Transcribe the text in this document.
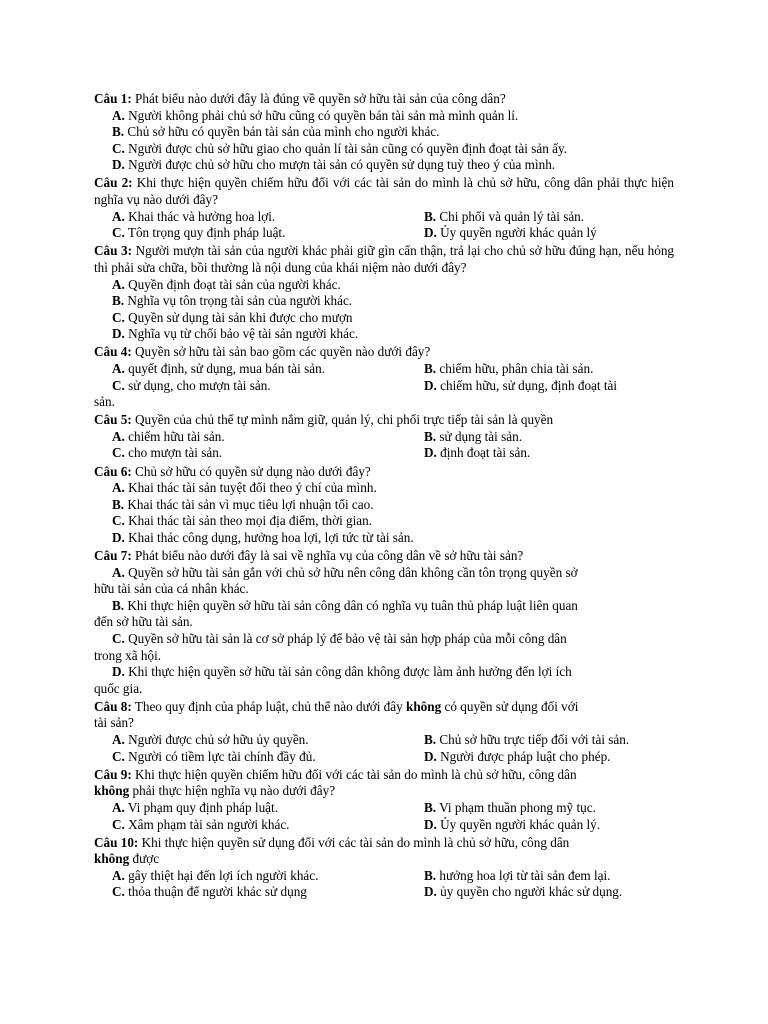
Câu 1: Phát biểu nào dưới đây là đúng về quyền sở hữu tài sản của công dân?
A. Người không phải chủ sở hữu cũng có quyền bán tài sản mà mình quản lí.
B. Chủ sở hữu có quyền bán tài sản của mình cho người khác.
C. Người được chủ sở hữu giao cho quản lí tài sản cũng có quyền định đoạt tài sản ấy.
D. Người được chủ sở hữu cho mượn tài sản có quyền sử dụng tuỳ theo ý của mình.
Câu 2: Khi thực hiện quyền chiếm hữu đối với các tài sản do mình là chủ sở hữu, công dân phải thực hiện nghĩa vụ nào dưới đây?
A. Khai thác và hưởng hoa lợi.	B. Chi phối và quản lý tài sản.
C. Tôn trọng quy định pháp luật.	D. Ủy quyền người khác quản lý
Câu 3: Người mượn tài sản của người khác phải giữ gìn cẩn thận, trả lại cho chủ sở hữu đúng hạn, nếu hỏng thì phải sửa chữa, bồi thường là nội dung của khái niệm nào dưới đây?
A. Quyền định đoạt tài sản của người khác.
B. Nghĩa vụ tôn trọng tài sản của người khác.
C. Quyền sử dụng tài sản khi được cho mượn
D. Nghĩa vụ từ chối bảo vệ tài sản người khác.
Câu 4: Quyền sở hữu tài sản bao gồm các quyền nào dưới đây?
A. quyết định, sử dụng, mua bán tài sản.	B. chiếm hữu, phân chia tài sản.
C. sử dụng, cho mượn tài sản.	D. chiếm hữu, sử dụng, định đoạt tài
sản.
Câu 5: Quyền của chủ thể tự mình nắm giữ, quản lý, chi phối trực tiếp tài sản là quyền
A. chiếm hữu tài sản.	B. sử dụng tài sản.
C. cho mượn tài sản.	D. định đoạt tài sản.
Câu 6: Chủ sở hữu có quyền sử dụng nào dưới đây?
A. Khai thác tài sản tuyệt đối theo ý chí của mình.
B. Khai thác tài sản vì mục tiêu lợi nhuận tối cao.
C. Khai thác tài sản theo mọi địa điểm, thời gian.
D. Khai thác công dụng, hưởng hoa lợi, lợi tức từ tài sản.
Câu 7: Phát biểu nào dưới đây là sai về nghĩa vụ của công dân về sở hữu tài sản?
A. Quyền sở hữu tài sản gắn với chủ sở hữu nên công dân không cần tôn trọng quyền sở
hữu tài sản của cá nhân khác.
B. Khi thực hiện quyền sở hữu tài sản công dân có nghĩa vụ tuân thủ pháp luật liên quan
đến sở hữu tài sản.
C. Quyền sở hữu tài sản là cơ sở pháp lý để bảo vệ tài sản hợp pháp của mỗi công dân
trong xã hội.
D. Khi thực hiện quyền sở hữu tài sản công dân không được làm ảnh hưởng đến lợi ích
quốc gia.
Câu 8: Theo quy định của pháp luật, chủ thể nào dưới đây không có quyền sử dụng đối với
tài sản?
A. Người được chủ sở hữu ủy quyền.	B. Chủ sở hữu trực tiếp đối với tài sản.
C. Người có tiềm lực tài chính đầy đủ.	D. Người được pháp luật cho phép.
Câu 9: Khi thực hiện quyền chiếm hữu đối với các tài sản do mình là chủ sở hữu, công dân
không phải thực hiện nghĩa vụ nào dưới đây?
A. Vi phạm quy định pháp luật.	B. Vi phạm thuần phong mỹ tục.
C. Xâm phạm tài sản người khác.	D. Ủy quyền người khác quản lý.
Câu 10: Khi thực hiện quyền sử dụng đối với các tài sản do mình là chủ sở hữu, công dân
không được
A. gây thiệt hại đến lợi ích người khác.	B. hưởng hoa lợi từ tài sản đem lại.
C. thỏa thuận để người khác sử dụng	D. ủy quyền cho người khác sử dụng.
